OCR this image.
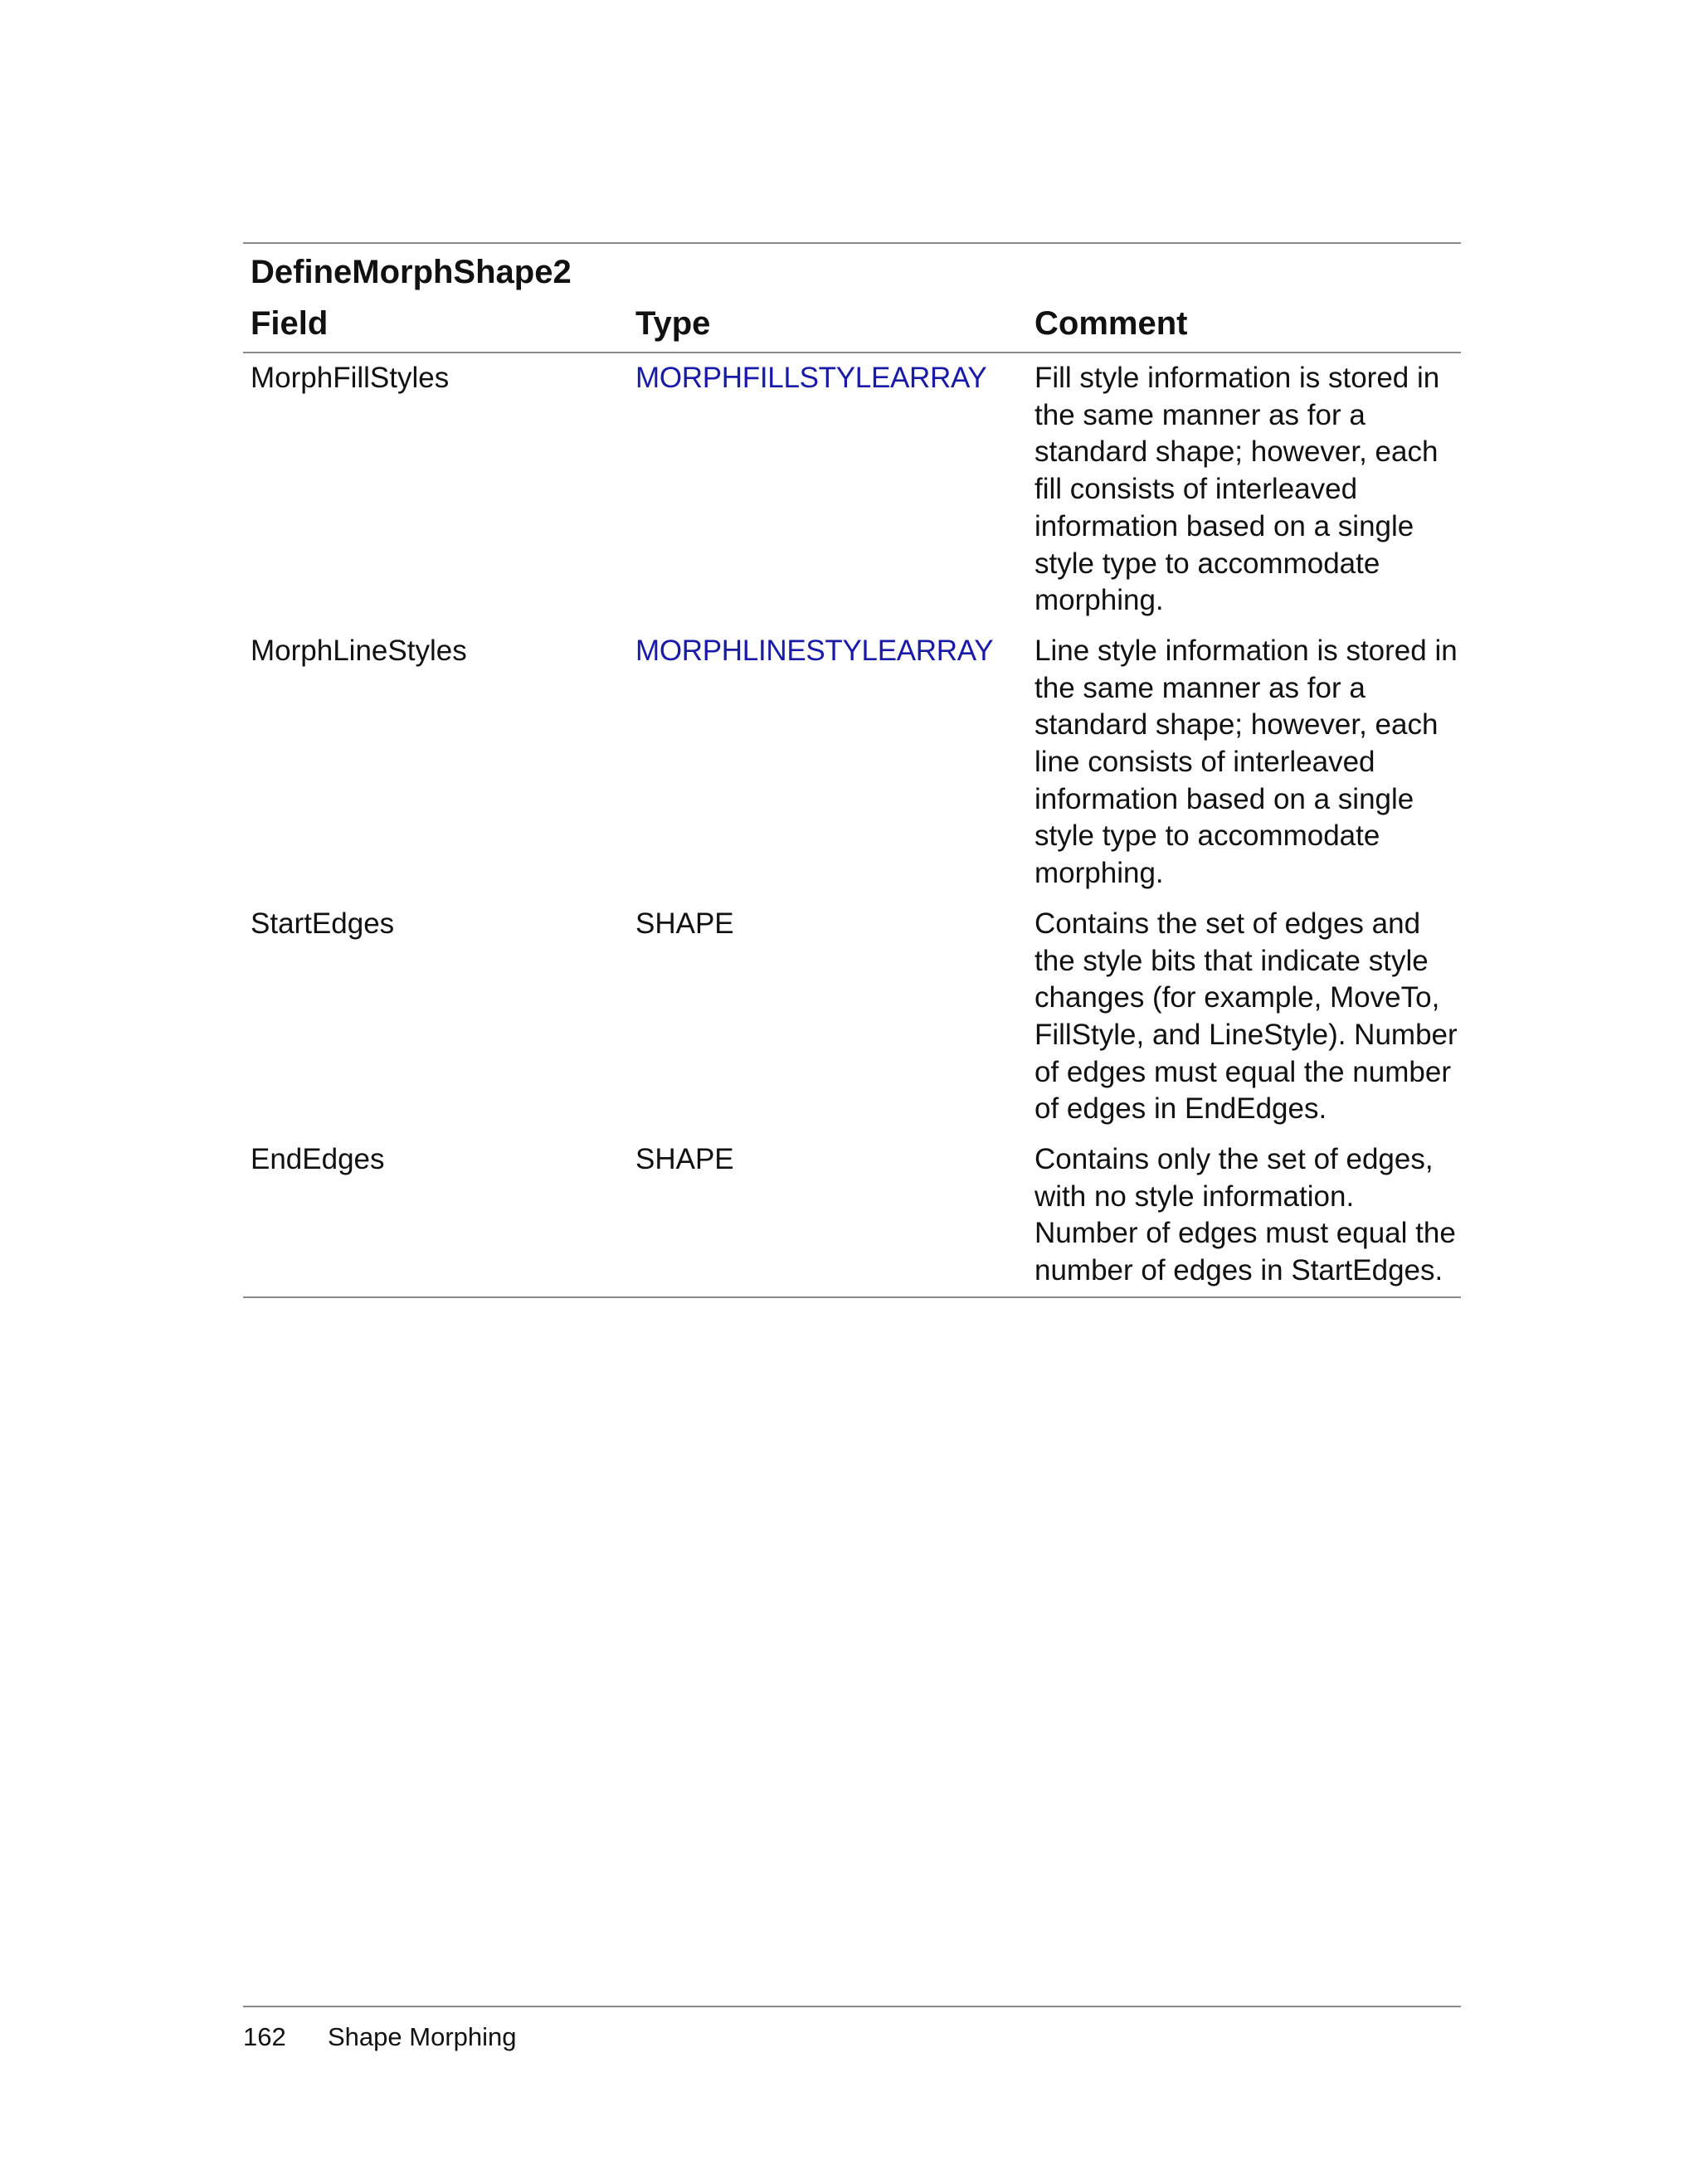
DefineMorphShape2
Field	Type	Comment
MorphFillStyles	MORPHFILLSTYLEARRAY	Fill style information is stored in the same manner as for a standard shape; however, each fill consists of interleaved information based on a single style type to accommodate morphing.
MorphLineStyles	MORPHLINESTYLEARRAY	Line style information is stored in the same manner as for a standard shape; however, each line consists of interleaved information based on a single style type to accommodate morphing.
StartEdges	SHAPE	Contains the set of edges and the style bits that indicate style changes (for example, MoveTo, FillStyle, and LineStyle). Number of edges must equal the number of edges in EndEdges.
EndEdges	SHAPE	Contains only the set of edges, with no style information. Number of edges must equal the number of edges in StartEdges.
162	Shape Morphing
